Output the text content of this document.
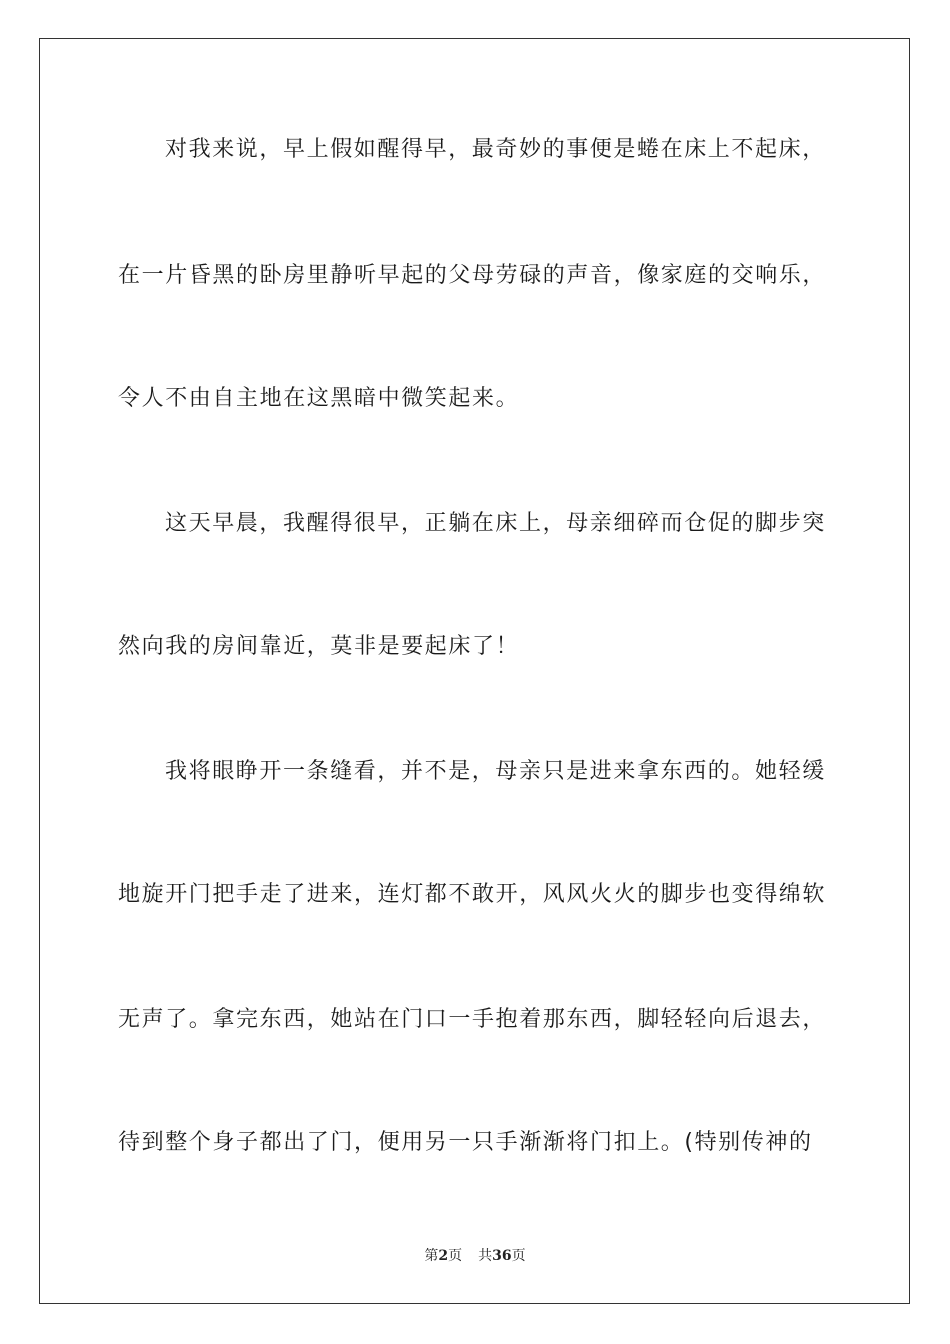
对我来说，早上假如醒得早，最奇妙的事便是蜷在床上不起床，

在一片昏黑的卧房里静听早起的父母劳碌的声音，像家庭的交响乐，

令人不由自主地在这黑暗中微笑起来。

这天早晨，我醒得很早，正躺在床上，母亲细碎而仓促的脚步突

然向我的房间靠近，莫非是要起床了！

我将眼睁开一条缝看，并不是，母亲只是进来拿东西的。她轻缓

地旋开门把手走了进来，连灯都不敢开，风风火火的脚步也变得绵软

无声了。拿完东西，她站在门口一手抱着那东西，脚轻轻向后退去，

待到整个身子都出了门，便用另一只手渐渐将门扣上。(特别传神的

第2页 共36页
